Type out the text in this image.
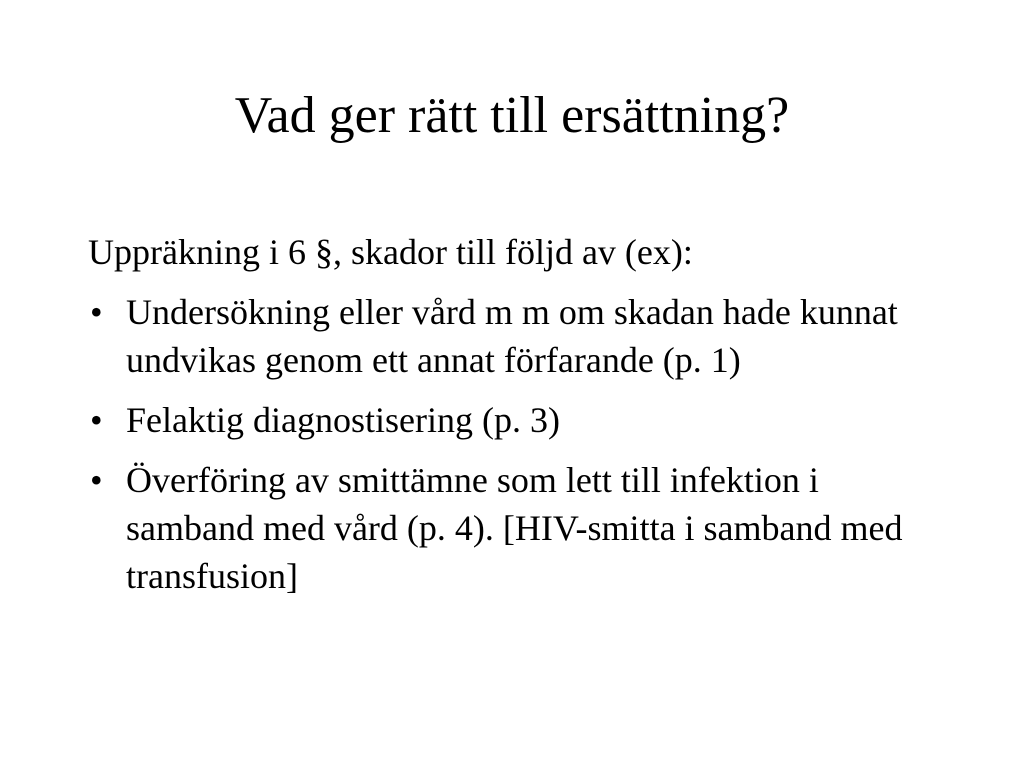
Vad ger rätt till ersättning?

Uppräkning i 6 §, skador till följd av (ex):

• Undersökning eller vård m m om skadan hade kunnat undvikas genom ett annat förfarande (p. 1)
• Felaktig diagnostisering (p. 3)
• Överföring av smittämne som lett till infektion i samband med vård (p. 4). [HIV-smitta i samband med transfusion]
